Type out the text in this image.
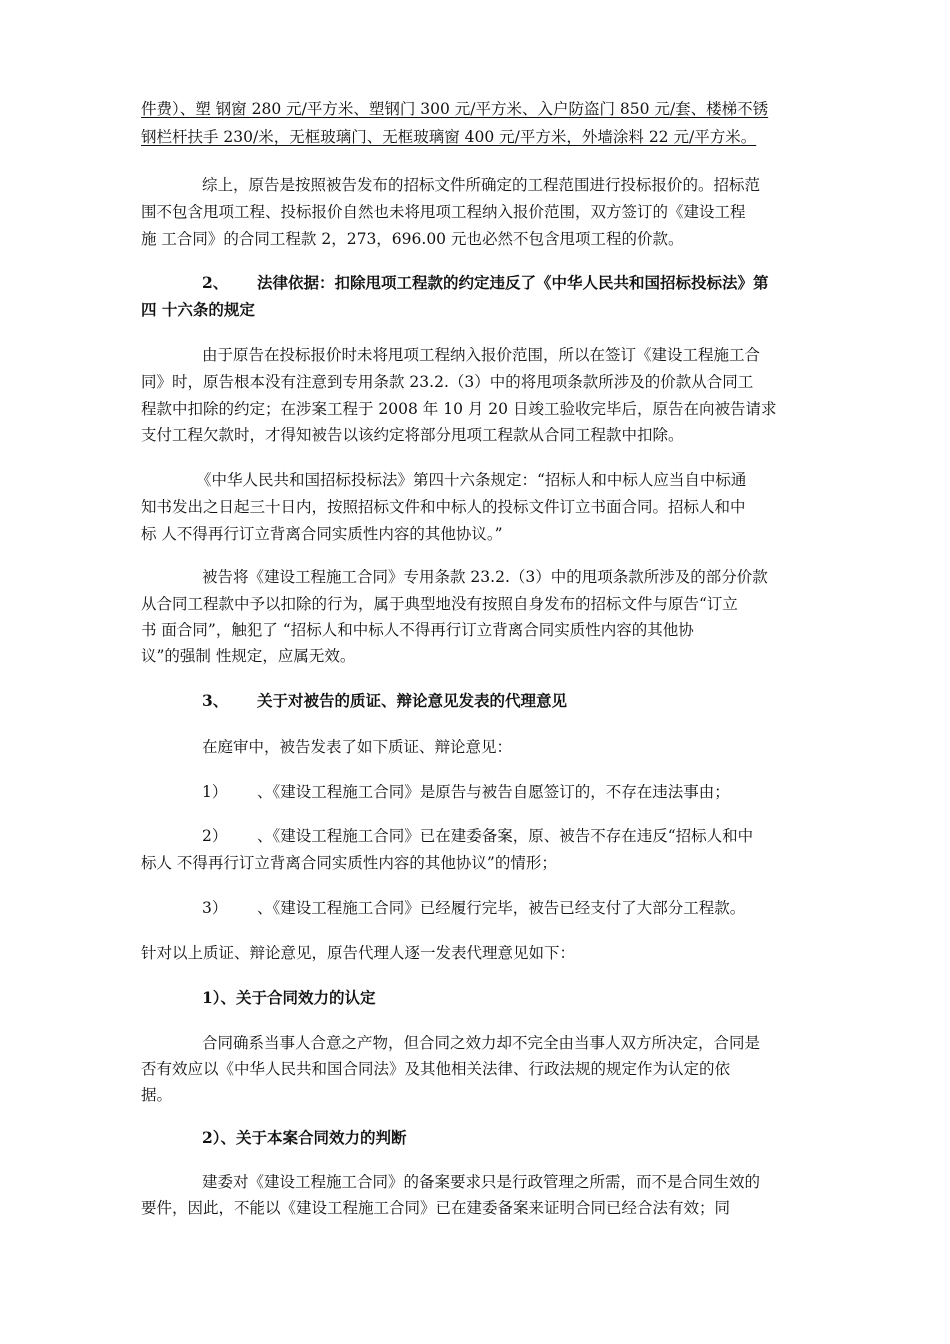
件费）、塑 钢窗 280 元/平方米、塑钢门 300 元/平方米、入户防盗门 850 元/套、楼梯不锈
钢栏杆扶手 230/米，无框玻璃门、无框玻璃窗 400 元/平方米，外墙涂料 22 元/平方米。
综上，原告是按照被告发布的招标文件所确定的工程范围进行投标报价的。招标范
围不包含甩项工程、投标报价自然也未将甩项工程纳入报价范围，双方签订的《建设工程
施 工合同》的合同工程款 2，273，696.00 元也必然不包含甩项工程的价款。
2、 法律依据：扣除甩项工程款的约定违反了《中华人民共和国招标投标法》第
四 十六条的规定
由于原告在投标报价时未将甩项工程纳入报价范围，所以在签订《建设工程施工合
同》时，原告根本没有注意到专用条款 23.2.（3）中的将甩项条款所涉及的价款从合同工
程款中扣除的约定；在涉案工程于 2008 年 10 月 20 日竣工验收完毕后，原告在向被告请求
支付工程欠款时，才得知被告以该约定将部分甩项工程款从合同工程款中扣除。
《中华人民共和国招标投标法》第四十六条规定：“招标人和中标人应当自中标通
知书发出之日起三十日内，按照招标文件和中标人的投标文件订立书面合同。招标人和中
标 人不得再行订立背离合同实质性内容的其他协议。”
被告将《建设工程施工合同》专用条款 23.2.（3）中的甩项条款所涉及的部分价款
从合同工程款中予以扣除的行为，属于典型地没有按照自身发布的招标文件与原告“订立
书 面合同”，触犯了 “招标人和中标人不得再行订立背离合同实质性内容的其他协
议”的强制 性规定，应属无效。
3、 关于对被告的质证、辩论意见发表的代理意见
在庭审中，被告发表了如下质证、辩论意见：
1） 、《建设工程施工合同》是原告与被告自愿签订的，不存在违法事由；
2） 、《建设工程施工合同》已在建委备案，原、被告不存在违反“招标人和中
标人 不得再行订立背离合同实质性内容的其他协议”的情形；
3） 、《建设工程施工合同》已经履行完毕，被告已经支付了大部分工程款。
针对以上质证、辩论意见，原告代理人逐一发表代理意见如下：
1）、关于合同效力的认定
合同确系当事人合意之产物，但合同之效力却不完全由当事人双方所决定，合同是
否有效应以《中华人民共和国合同法》及其他相关法律、行政法规的规定作为认定的依
据。
2）、关于本案合同效力的判断
建委对《建设工程施工合同》的备案要求只是行政管理之所需，而不是合同生效的
要件，因此，不能以《建设工程施工合同》已在建委备案来证明合同已经合法有效；同
